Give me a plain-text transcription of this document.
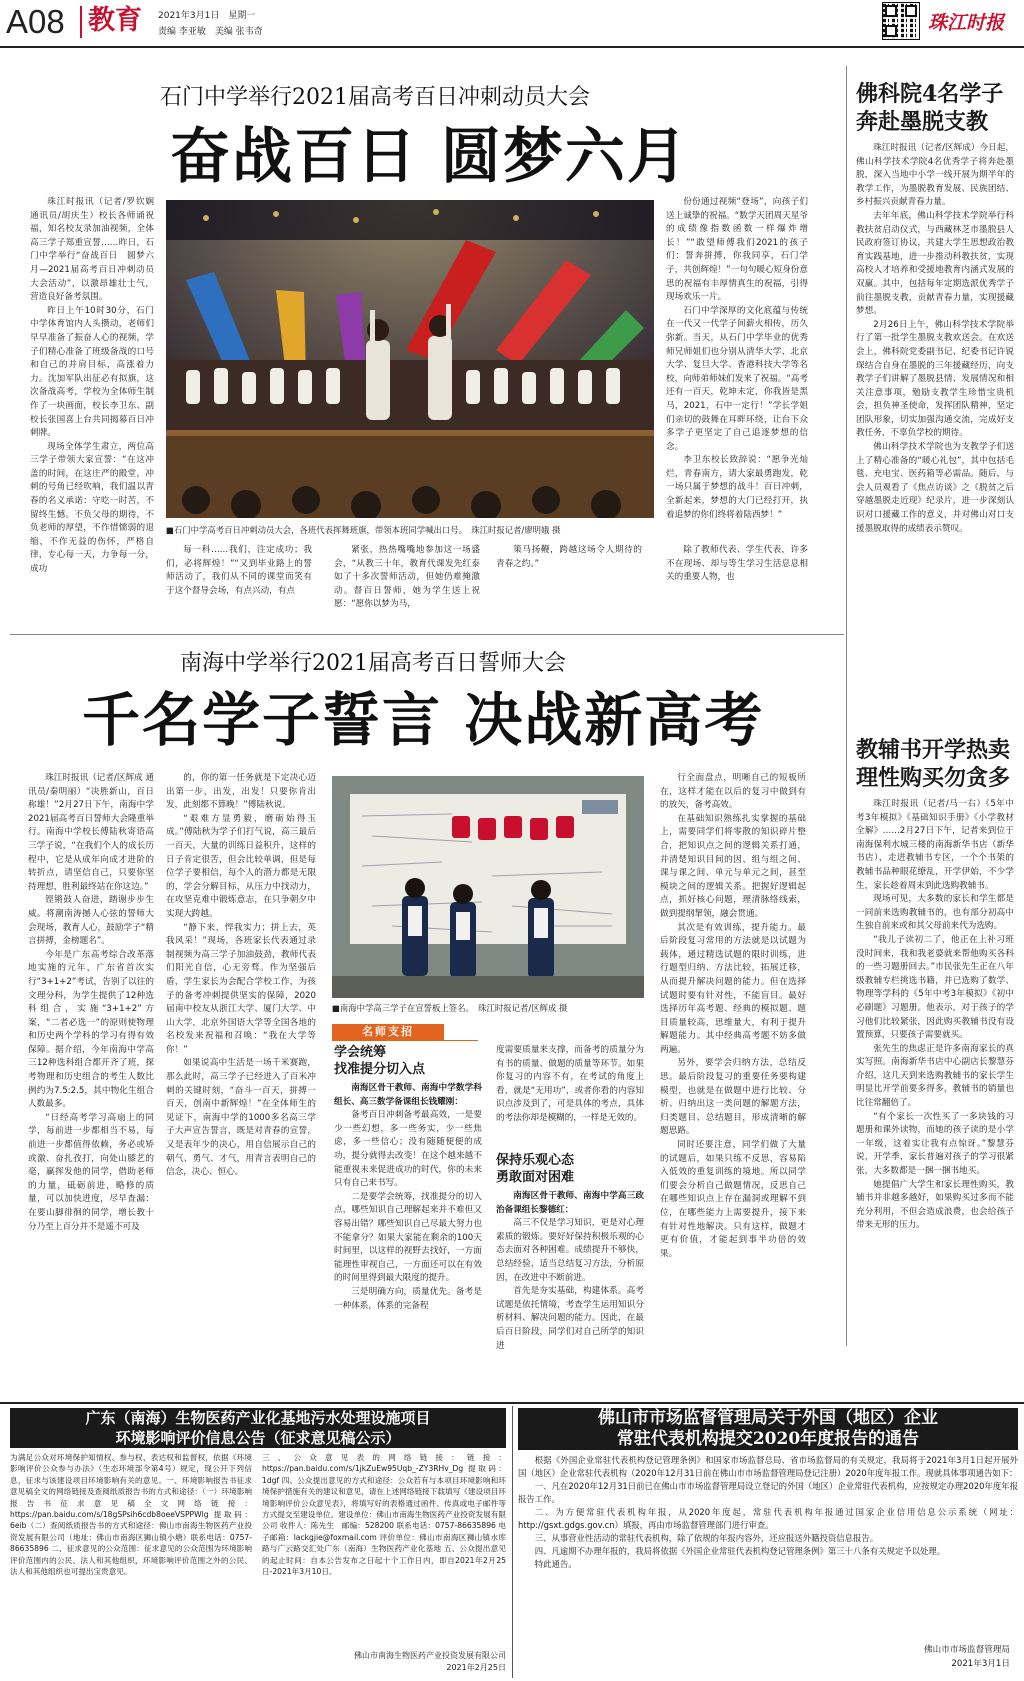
A08 教育 2021年3月1日　星期一
责编 李亚敏　美编 张韦奇	珠江时报
石门中学举行2021届高考百日冲刺动员大会
奋战百日 圆梦六月

珠江时报讯（记者/罗钦娴 通讯员/胡庆生）校长各师诵祝福，知名校友录加油视频，全体高三学子郑重宣誓……昨日，石门中学举行“奋战百日　圆梦六月—2021届高考百日冲刺动员大会活动”，以激昂雄壮士气，营造良好备考氛围。

昨日上午10时30分，石门中学体育馆内人头攒动，老师们早早准备了振奋人心的视频，学子们精心准备了班级备战的口号和自己的并肩目标，高涨着力力。沈加军队出征必有拟旗，这次备战高考，学校为全体师生制作了一块画面，校长李卫东、副校长张国喜上台共同揭幕百日冲刺牌。

现场全体学生肃立，两位高三学子带领大家宣誓：“在这冲盖的时间，在这庄严的殿堂，冲刺的号角已经吹响，我们温以青春的名义承诺：守吃一时苦，不留终生憾。不负父母的期待，不负老师的厚望，不作惜懦弱的退缩，不作无益的伤怀，严格自律，专心每一天，力争每一分，成功

■石门中学高考百日冲刺动员大会，各班代表挥舞班旗，带领本班同学喊出口号。　珠江时报记者/廖明娥 摄

份份通过视频“登场”，向孩子们送上诚挚的祝福。“数学天团周天星爷的成绩像指数函数一样爆炸增长！”“敢望师傅我们2021的孩子们：誓奔拼搏，你我同享，石门学子，共创辉煌！”一句句暖心短身份意思的祝福有丰厚情真生的祝福，引得现场欢乐一片。

石门中学深厚的文化底蕴与传统在一代又一代学子间薪火相传，历久弥新。当天，从石门中学毕业的优秀师兄师姐们也分别从清华大学、北京大学、复旦大学、香港科技大学等名校，向师弟师妹们发来了祝福。“高考还有一百天，乾坤未定，你我皆是黑马，2021，石中一定行！”学长学姐们亲切的鼓舞在耳畔环绕，让台下众多学子更坚定了自己追逐梦想的信念。

李卫东校长致辞说：“愿争光灿烂，青春南方，请大家最勇跑发，乾一场只属于梦想的战斗！百日冲刺，全新起来，梦想的大门已经打开，执着追梦的你们终将着陆西梦！”

每一科……我们，注定成功；我们，必将辉煌！”“又到毕业路上的誓师活动了，我们从不同的课堂而笑有于这个督导会场，有点兴动，有点

紧张，热热嘴嘴地参加这一场盛会，“从教三十年，教育代课发先红泰如了十多次誓师活动，但她仍难掩激动。督百日誓师，她为学生送上祝愿：“愿你以梦为马，

策马扬鞭，跨越这场令人期待的青春之约。”

除了教师代表、学生代表，许多不在现场、却与等生学习生活息息相关的重要人物，也

佛科院4名学子
奔赴墨脱支教

珠江时报讯（记者/区辉成）今日起，佛山科学技术学院4名优秀学子将奔赴墨脱，深入当地中小学一线开展为期半年的教学工作，为墨脱教育发展、民族团结、乡村振兴贡献青春力量。

去年年底，佛山科学技术学院举行科教扶贫启动仪式，与西藏林芝市墨脱县人民政府签订协议，共建大学生思想政治教育实践基地，进一步推动科教扶贫，实现高校人才培养和受援地教育内涵式发展的双赢。其中，包括每年定期选派优秀学子前往墨脱支教，贡献青春力量，实现援藏梦想。

2月26日上午，佛山科学技术学院举行了第一批学生墨脱支教欢送会。在欢送会上，佛科院党委副书记、纪委书记许锐琛结合自身在墨脱的三年援藏经历，向支教学子们讲解了墨脱县情、发展情况和相关注意事项，勉励支教学生珍惜宝贵机会，担负神圣使命，发挥团队精神，坚定团队形象，切实加强沟通交流，完成好支教任务，不辜负学校的期待。

佛山科学技术学院也为支教学子们送上了精心准备的“暖心礼包”，其中包括毛毯、充电宝、医药箱等必需品。随后，与会人员观看了《焦点访谈》之《脱贫之后 穿越墨脱走近现》纪录片，进一步深刻认识对口援藏工作的意义，并对佛山对口支援墨脱取得的成绩表示赞叹。

南海中学举行2021届高考百日誓师大会
千名学子誓言 决战新高考

珠江时报讯（记者/区辉成 通讯员/秦明丽）“决胜新山，百日称雄！”2月27日下午，南海中学2021届高考百日誓师大会隆重举行。南海中学校长傅陆秋寄语高三学子说，“在我们个人的成长历程中，它是从成年向成才进阶的转折点，请坚信自己，只要你坚持理想，胜利最终站在你这边。”

铿锵鼓人奋进，踏谢步步生威。将潮南涛撼人心弦的誓师大会现场，教育人心，鼓励学子“精言拼搏，金榜题名”。

今年是广东高考综合改革落地实施的元年，广东省首次实行“3+1+2”考试，告别了以往的文理分科，为学生提供了12种选科组合，实施“3+1+2”方案，“二者必选一”的原则使物理和历史两个学科的学习有得有效保障。据介绍，今年南海中学高三12种选科组合都开齐了班，探考物理和历史组合的考生人数比例约为7.5:2.5，其中物化生组合人数最多。

“日经高考学习高扇上的同学，每前进一步都相当不易，每前进一步都值得依赖，务必或矫或激、奋扎孜打，向处山膝艺的毫，赢挥发他的同学，借助老师的力量，砥砺前进，略修的质量，可以加快进度，尽早查漏：在要山脚徘徊的同学，增长教十分乃至上百分并不是遥不可及

的，你的第一任务就是下定决心迈出第一步，出发，出发！只要你肯出发，此刻都不算晚！”傅陆秋说。

“艰难方显勇毅，磨砺始得玉成。”傅陆秋为学子们打气说，高三最后一百天，大量的训练日益积升，这样的日子肯定很苦，但会比较单调，但是每位学子要相信，每个人的潜力都是无限的，学会分解目标，从压力中找动力，在攻坚克难中锻炼意志，在只争朝夕中实现大跨越。

“静下来，悍我实力；拼上去，英我风采！”现场，各班家长代表通过录制视频为高三学子加油鼓劲，教师代表们阳光自信，心无旁骛。作为坚强后盾，学生家长为会配合学校工作，为孩子的备考冲刺提供坚实的保障，2020届南中校友从浙江大学、厦门大学、中山大学，北京外国语大学等全国各地的名校发来祝福和召唤：“我在大学等你！”

如果说高中生活是一场千米赛跑，那么此时，高三学子已经进入了百米冲刺的关键时刻，“奋斗一百天，拼搏一百天，创南中新辉煌！”在全体师生的见证下，南海中学的1000多名高三学子大声宣告誓言，既是对青春的宣誓，又是表年少的决心，用自信展示自己的朝气、勇气、才气，用青言表明自己的信念，决心、恒心。

■南海中学高三学子在宣誓板上签名。　珠江时报记者/区辉成 摄
名师支招
学会统筹
找准提分切入点
南海区骨干教师、南海中学数学科组长、高三数学备课组长钱耀刚：

备考百日冲刺备考最高效，一是要少一些幻想，多一些务实，少一些焦虑，多一些信心；没有随随便便的成功，提分就得去改变！在这个越来越不能重视未来促进成功的时代，你的未来只有自己来书写。

二是要学会统筹，找准提分的切入点，哪些知识自己理解起来并不难但又容易出错？哪些知识自己尽最大努力也不能拿分？如果大家能在剩余的100天时间里，以这样的视野去找好，一方面能理性审视自己，一方面还可以在有效的时间里得到最大限度的提升。

三是明确方向，质量优先。备考是一种体系，体系的完备程

度需要质量来支撑，而备考的质量分为有书的质量、做题的质量等环节。如果你复习的内容不有，在考试的角度上看，就是“无用功”，或者你看的内容知识点涉及到了，可是具体的考点，具体的考法你却是模糊的，一样是无效的。
保持乐观心态
勇敢面对困难
南海区骨干教师、南海中学高三政治备课组长黎德红：

高三不仅是学习知识，更是对心理素质的锻炼。要好好保持积极乐观的心态去面对各种困难。成绩提升不够快，总结经验，适当总结复习方法，分析原因，在改进中不断前进。

首先是夯实基础，构建体系。高考试题是依托情境，考查学生运用知识分析材料、解决问题的能力。因此，在最后百日阶段，同学们对自己所学的知识进

行全面盘点，明晰自己的短板所在，这样才能在以后的复习中做到有的放矢，备考高效。

在基础知识熟练扎实掌握的基础上，需要同学们将零散的知识碎片整合，把知识点之间的逻辑关系打通，并清楚知识目间的因、组与组之间、课与课之间、单元与单元之间，甚至模块之间的逻辑关系。把握好逻辑起点，抓好核心问题，理清脉络线索，做到提纲挈领，融会贯通。

其次是有效训练，提升能力。最后阶段复习常用的方法就是以试题为载体，通过精选试题的限时训练，进行题型归纳、方法比较，拓展迁移，从而提升解决问题的能力。但在选择试题时要有针对性，不能盲目。最好选择历年高考题、经典的模拟题、题目质量较高，思维量大，有利于提升解题能力。其中经典高考题不妨多做两遍。

另外，要学会归纳方法，总结反思。最后阶段复习的重要任务要构建模型，也就是在做题中进行比较、分析、归纳出这一类问题的解题方法，归类题目、总结题目，形成清晰的解题思路。

同时还要注意，同学们做了大量的试题后，如果只练不反思，容易陷入低效的重复训练的境地。所以同学们要会分析自己做题情况，反思自己在哪些知识点上存在漏洞或理解不到位，在哪些能力上需要提升，接下来有针对性地解决。只有这样，做题才更有价值，才能起到事半功倍的效果。

教辅书开学热卖
理性购买勿贪多

珠江时报讯（记者/马一右）《5年中考3年模拟》《基础知识手册》《小学教材全解》……2月27日下午，记者来到位于南海保利水城三楼的南海新华书店（新华书店），走进教辅书专区，一个个书架的教辅书品种眼花缭乱，开学伊始，不少学生，家长趁着周末到此选购教辅书。

现场可见，大多数的家长和学生都是一同前来选购教辅书的，也有部分初高中生独自前来或和其父母前来代为选购。

“我儿子读初二了，他正在上补习班没时间来，我和我老婆就来帮他购买各科的一些习题册回去。”市民张先生正在八年级教辅专栏挑选书籍，并已选购了数学、物理等学科的《5年中考3年模拟》《初中必刷题》习题册。他表示，对于孩子的学习他们比较紧张，因此购买教辅书没有设置预算，只要孩子需要就买。

张先生的焦虑正是许多南海家长的真实写照。南海新华书店中心副店长黎慧芬介绍，这几天到来选购教辅书的家长学生明显比开学前要多得多，教辅书的销量也比往常翻倍了。

“有个家长一次性买了一多块钱的习题册和课外读物，而她的孩子读的是小学一年级，这着实让我有点惊讶。”黎慧芬说，开学季，家长普遍对孩子的学习很紧张，大多数都是一捆一捆书地买。

她提倡广大学生和家长理性购买，教辅书并非越多越好，如果购买过多而不能充分利用，不但会造成浪费，也会给孩子带来无形的压力。

广东（南海）生物医药产业化基地污水处理设施项目
环境影响评价信息公告（征求意见稿公示）
为满足公众对环境保护知情权、参与权、表达权和监督权，依据《环境影响评价公众参与办法》（生态环境部令第4号）规定，现公开下列信息，征求与该建设项目环境影响有关的意见。一、环境影响报告书征求意见稿全文的网络链接及查阅纸质报告书的方式和途径：（一）环境影响报告书征求意见稿全文网络链接：https://pan.baidu.com/s/18gSPsih6cdb8oeeVSPPWlg 提取码：6eib（二）查阅纸质报告书的方式和途径：佛山市南海生物医药产业投资发展有限公司（地址：佛山市南海区狮山镇小塘）联系电话：0757-86635896 二、征求意见的公众范围：征求意见的公众范围为环境影响评价范围内的公民、法人和其他组织，环境影响评价范围之外的公民、法人和其他组织也可提出宝贵意见。
三、公众意见表的网络链接：链接：https://pan.baidu.com/s/1jkZuEw95Uqb_-ZY3RHv_Dg 提取码：1dgf 四、公众提出意见的方式和途径：公众若有与本项目环境影响和环境保护措施有关的建议和意见，请在上述网络链接下载填写《建设项目环境影响评价公众意见表》，将填写好的表格通过函件、传真或电子邮件等方式提交至建设单位。建设单位：佛山市南海生物医药产业投资发展有限公司 收件人：陈先生　邮编：528200 联系电话：0757-86635896 电子邮箱：lackgjie@foxmail.com 评价单位：佛山市南海区狮山镇水库路与广云路交汇处广东（南海）生物医药产业化基地 五、公众提出意见的起止时间：自本公告发布之日起十个工作日内，即自2021年2月25日-2021年3月10日。
佛山市南海生物医药产业投资发展有限公司
2021年2月25日
佛山市市场监督管理局关于外国（地区）企业
常驻代表机构提交2020年度报告的通告
根据《外国企业常驻代表机构登记管理条例》和国家市场监督总局、省市场监督局的有关规定，我局将于2021年3月1日起开展外国（地区）企业常驻代表机构（2020年12月31日前在佛山市市场监督管理局登记注册）2020年度年报工作。现就具体事项通告如下：
一、凡在2020年12月31日前已在佛山市市场监督管理局设立登记的外国（地区）企业常驻代表机构，应按规定办理2020年度年报报告工作。
二、为方便常驻代表机构年报，从2020年度起，常驻代表机构年报通过国家企业信用信息公示系统（网址：http://gsxt.gdgs.gov.cn）填报，再由市场监督管理部门进行审查。
三、从事营业性活动的常驻代表机构，除了依规的年报内容外，还应报送外籍投资信息报告。
四、凡逾期不办理年报的，我局将依据《外国企业常驻代表机构登记管理条例》第三十八条有关规定予以处理。
特此通告。
佛山市市场监督管理局
2021年3月1日
